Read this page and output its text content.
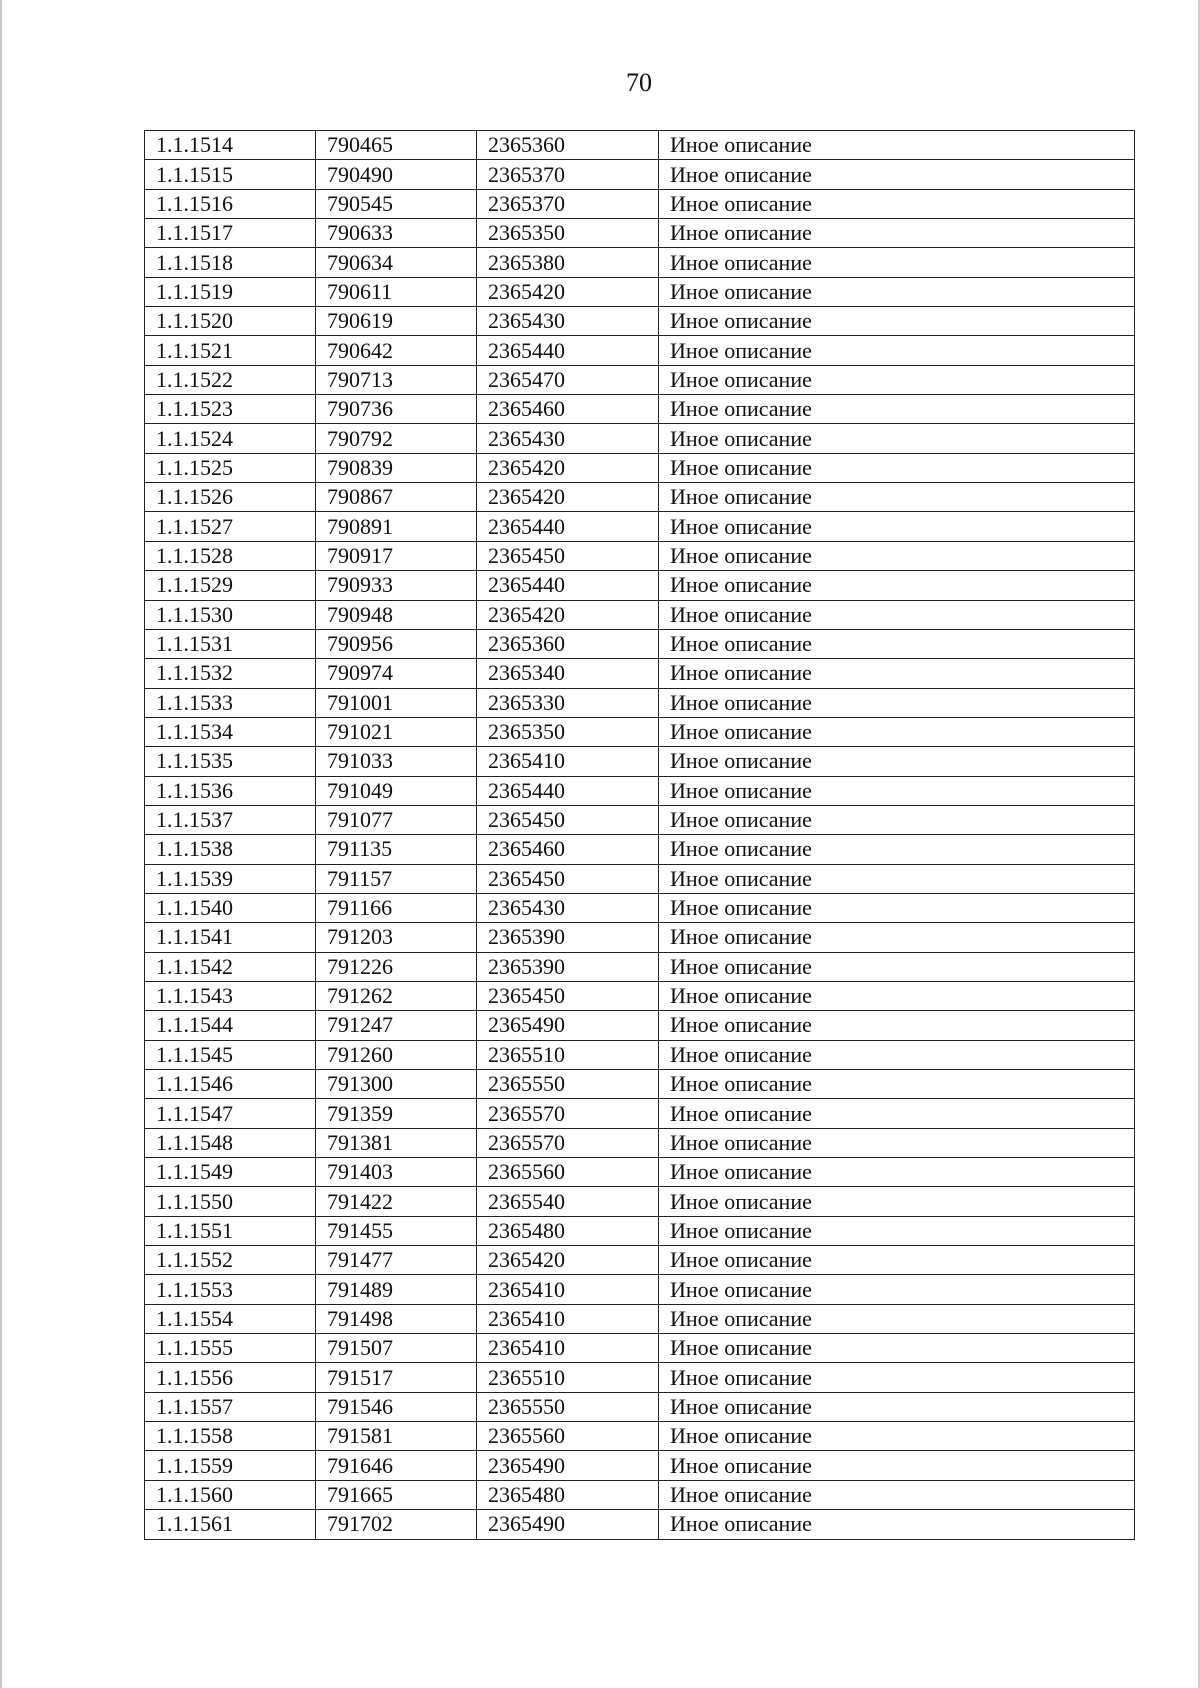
70
1.1.1514	790465	2365360	Иное описание
1.1.1515	790490	2365370	Иное описание
1.1.1516	790545	2365370	Иное описание
1.1.1517	790633	2365350	Иное описание
1.1.1518	790634	2365380	Иное описание
1.1.1519	790611	2365420	Иное описание
1.1.1520	790619	2365430	Иное описание
1.1.1521	790642	2365440	Иное описание
1.1.1522	790713	2365470	Иное описание
1.1.1523	790736	2365460	Иное описание
1.1.1524	790792	2365430	Иное описание
1.1.1525	790839	2365420	Иное описание
1.1.1526	790867	2365420	Иное описание
1.1.1527	790891	2365440	Иное описание
1.1.1528	790917	2365450	Иное описание
1.1.1529	790933	2365440	Иное описание
1.1.1530	790948	2365420	Иное описание
1.1.1531	790956	2365360	Иное описание
1.1.1532	790974	2365340	Иное описание
1.1.1533	791001	2365330	Иное описание
1.1.1534	791021	2365350	Иное описание
1.1.1535	791033	2365410	Иное описание
1.1.1536	791049	2365440	Иное описание
1.1.1537	791077	2365450	Иное описание
1.1.1538	791135	2365460	Иное описание
1.1.1539	791157	2365450	Иное описание
1.1.1540	791166	2365430	Иное описание
1.1.1541	791203	2365390	Иное описание
1.1.1542	791226	2365390	Иное описание
1.1.1543	791262	2365450	Иное описание
1.1.1544	791247	2365490	Иное описание
1.1.1545	791260	2365510	Иное описание
1.1.1546	791300	2365550	Иное описание
1.1.1547	791359	2365570	Иное описание
1.1.1548	791381	2365570	Иное описание
1.1.1549	791403	2365560	Иное описание
1.1.1550	791422	2365540	Иное описание
1.1.1551	791455	2365480	Иное описание
1.1.1552	791477	2365420	Иное описание
1.1.1553	791489	2365410	Иное описание
1.1.1554	791498	2365410	Иное описание
1.1.1555	791507	2365410	Иное описание
1.1.1556	791517	2365510	Иное описание
1.1.1557	791546	2365550	Иное описание
1.1.1558	791581	2365560	Иное описание
1.1.1559	791646	2365490	Иное описание
1.1.1560	791665	2365480	Иное описание
1.1.1561	791702	2365490	Иное описание
